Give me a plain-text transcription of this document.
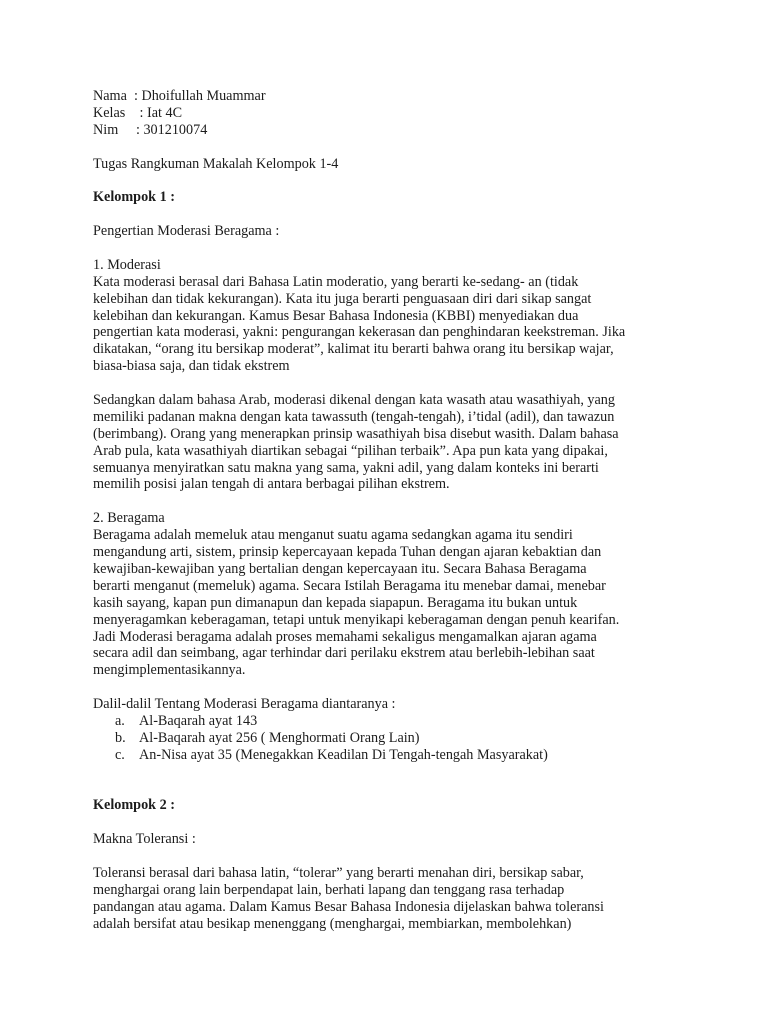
Nama  : Dhoifullah Muammar
Kelas    : Iat 4C
Nim     : 301210074
Tugas Rangkuman Makalah Kelompok 1-4
Kelompok 1 :
Pengertian Moderasi Beragama :
1. Moderasi
Kata moderasi berasal dari Bahasa Latin moderatio, yang berarti ke-sedang- an (tidak
kelebihan dan tidak kekurangan). Kata itu juga berarti penguasaan diri dari sikap sangat
kelebihan dan kekurangan. Kamus Besar Bahasa Indonesia (KBBI) menyediakan dua
pengertian kata moderasi, yakni: pengurangan kekerasan dan penghindaran keekstreman. Jika
dikatakan, “orang itu bersikap moderat”, kalimat itu berarti bahwa orang itu bersikap wajar,
biasa-biasa saja, dan tidak ekstrem
Sedangkan dalam bahasa Arab, moderasi dikenal dengan kata wasath atau wasathiyah, yang
memiliki padanan makna dengan kata tawassuth (tengah-tengah), i’tidal (adil), dan tawazun
(berimbang). Orang yang menerapkan prinsip wasathiyah bisa disebut wasith. Dalam bahasa
Arab pula, kata wasathiyah diartikan sebagai “pilihan terbaik”. Apa pun kata yang dipakai,
semuanya menyiratkan satu makna yang sama, yakni adil, yang dalam konteks ini berarti
memilih posisi jalan tengah di antara berbagai pilihan ekstrem.
2. Beragama
Beragama adalah memeluk atau menganut suatu agama sedangkan agama itu sendiri
mengandung arti, sistem, prinsip kepercayaan kepada Tuhan dengan ajaran kebaktian dan
kewajiban-kewajiban yang bertalian dengan kepercayaan itu. Secara Bahasa Beragama
berarti menganut (memeluk) agama. Secara Istilah Beragama itu menebar damai, menebar
kasih sayang, kapan pun dimanapun dan kepada siapapun. Beragama itu bukan untuk
menyeragamkan keberagaman, tetapi untuk menyikapi keberagaman dengan penuh kearifan.
Jadi Moderasi beragama adalah proses memahami sekaligus mengamalkan ajaran agama
secara adil dan seimbang, agar terhindar dari perilaku ekstrem atau berlebih-lebihan saat
mengimplementasikannya.
Dalil-dalil Tentang Moderasi Beragama diantaranya :
a. Al-Baqarah ayat 143
b. Al-Baqarah ayat 256 ( Menghormati Orang Lain)
c. An-Nisa ayat 35 (Menegakkan Keadilan Di Tengah-tengah Masyarakat)
Kelompok 2 :
Makna Toleransi :
Toleransi berasal dari bahasa latin, “tolerar” yang berarti menahan diri, bersikap sabar,
menghargai orang lain berpendapat lain, berhati lapang dan tenggang rasa terhadap
pandangan atau agama. Dalam Kamus Besar Bahasa Indonesia dijelaskan bahwa toleransi
adalah bersifat atau besikap menenggang (menghargai, membiarkan, membolehkan)
